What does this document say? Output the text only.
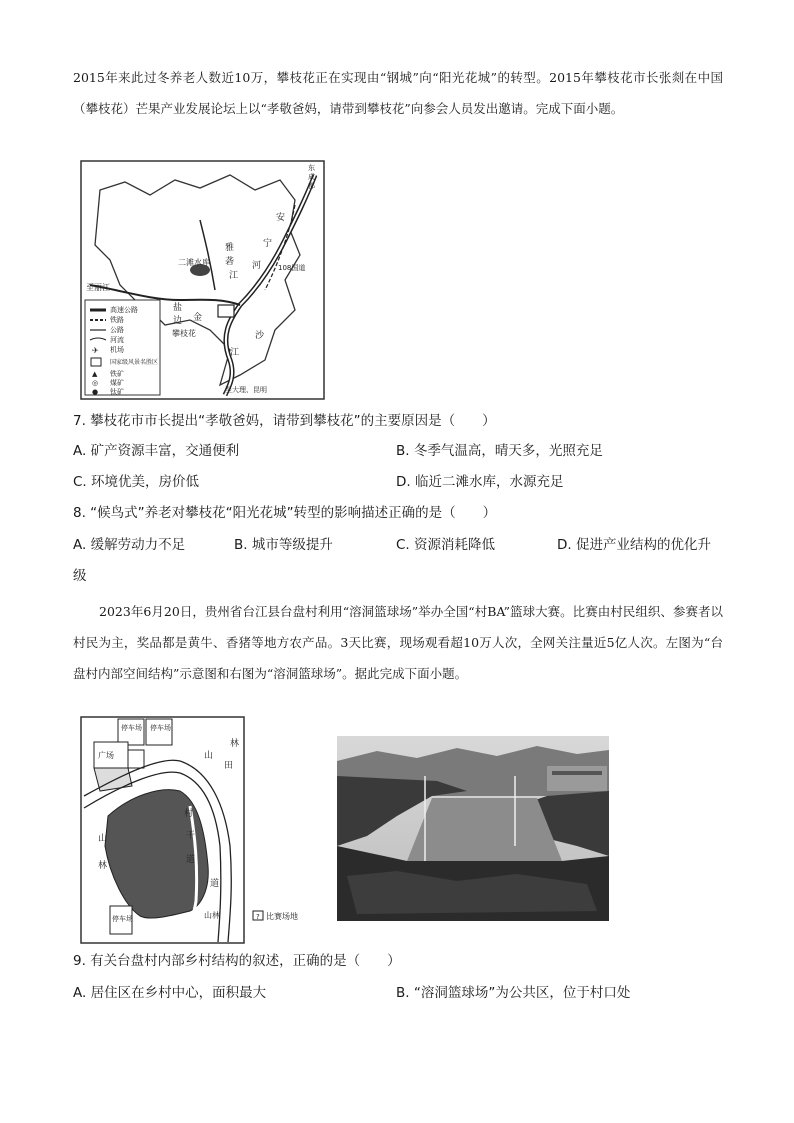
2015年来此过冬养老人数近10万，攀枝花正在实现由“钢城”向“阳光花城”的转型。2015年攀枝花市长张剡在中国（攀枝花）芒果产业发展论坛上以“孝敬爸妈，请带到攀枝花”向参会人员发出邀请。完成下面小题。
✈
▲
◎
●
高速公路
铁路
公路
河流
机场
国家级风景名胜区
铁矿
煤矿
钛矿
东
成
都
安
宁
河
雅
砻
江
二滩水库
108国道
盐
边 金
攀枝花	沙
江
至丽江
至大理、昆明
7. 攀枝花市市长提出“孝敬爸妈，请带到攀枝花”的主要原因是（　　）
A. 矿产资源丰富，交通便利	B. 冬季气温高，晴天多，光照充足
C. 环境优美，房价低	D. 临近二滩水库，水源充足
8. “候鸟式”养老对攀枝花“阳光花城”转型的影响描述正确的是（　　）
A. 缓解劳动力不足	B. 城市等级提升	C. 资源消耗降低	D. 促进产业结构的优化升
级
2023年6月20日，贵州省台江县台盘村利用“溶洞篮球场”举办全国“村BA”篮球大赛。比赛由村民组织、参赛者以村民为主，奖品都是黄牛、香猪等地方农产品。3天比赛，现场观看超10万人次，全网关注量近5亿人次。左图为“台盘村内部空间结构”示意图和右图为“溶洞篮球场”。据此完成下面小题。
停车场 停车场
广场	山
林
田
村
干
道
道
山
林
山林
停车场	? 比赛场地
9. 有关台盘村内部乡村结构的叙述，正确的是（　　）
A. 居住区在乡村中心，面积最大	B. “溶洞篮球场”为公共区，位于村口处
